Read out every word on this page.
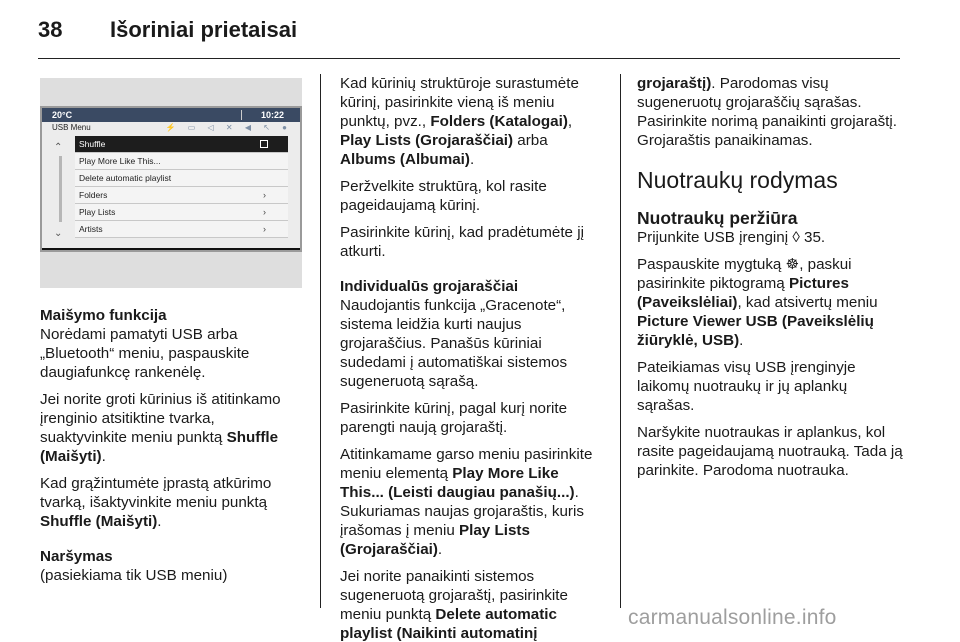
38	Išoriniai prietaisai
20°C	10:22
USB Menu	⚡ ▭ ◁ ✕ ◀ ↖ ●
⌃
⌄
Shuffle
Play More Like This...
Delete automatic playlist
Folders	›
Play Lists	›
Artists	›

Maišymo funkcija

Norėdami pamatyti USB arba „Bluetooth“ meniu, paspauskite daugiafunkcę rankenėlę.

Jei norite groti kūrinius iš atitinkamo įrenginio atsitiktine tvarka, suaktyvinkite meniu punktą Shuffle (Maišyti).

Kad grąžintumėte įprastą atkūrimo tvarką, išaktyvinkite meniu punktą Shuffle (Maišyti).

Naršymas

(pasiekiama tik USB meniu)

Kad kūrinių struktūroje surastumėte kūrinį, pasirinkite vieną iš meniu punktų, pvz., Folders (Katalogai), Play Lists (Grojaraščiai) arba Albums (Albumai).

Peržvelkite struktūrą, kol rasite pageidaujamą kūrinį.

Pasirinkite kūrinį, kad pradėtumėte jį atkurti.

Individualūs grojaraščiai

Naudojantis funkcija „Gracenote“, sistema leidžia kurti naujus grojaraščius. Panašūs kūriniai sudedami į automatiškai sistemos sugeneruotą sąrašą.

Pasirinkite kūrinį, pagal kurį norite parengti naują grojaraštį.

Atitinkamame garso meniu pasirinkite meniu elementą Play More Like This... (Leisti daugiau panašių...). Sukuriamas naujas grojaraštis, kuris įrašomas į meniu Play Lists (Grojaraščiai).

Jei norite panaikinti sistemos sugeneruotą grojaraštį, pasirinkite meniu punktą Delete automatic playlist (Naikinti automatinį

grojaraštį). Parodomas visų sugeneruotų grojaraščių sąrašas. Pasirinkite norimą panaikinti grojaraštį. Grojaraštis panaikinamas.

Nuotraukų rodymas
Nuotraukų peržiūra

Prijunkite USB įrenginį ◊ 35.

Paspauskite mygtuką ☸, paskui pasirinkite piktogramą Pictures (Paveikslėliai), kad atsivertų meniu Picture Viewer USB (Paveikslėlių žiūryklė, USB).

Pateikiamas visų USB įrenginyje laikomų nuotraukų ir jų aplankų sąrašas.

Naršykite nuotraukas ir aplankus, kol rasite pageidaujamą nuotrauką. Tada ją parinkite. Parodoma nuotrauka.

carmanualsonline.info
